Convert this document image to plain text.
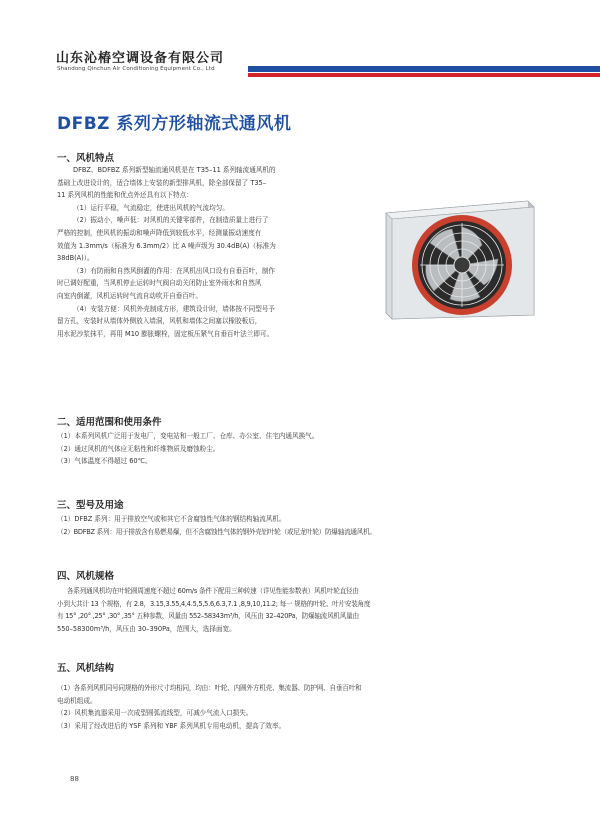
山东沁椿空调设备有限公司
Shandong Qinchun Air Conditioning Equipment Co., Ltd
DFBZ 系列方形轴流式通风机
一、风机特点

DFBZ、BDFBZ 系列新型轴流通风机是在 T35–11 系列轴流通风机的

基础上改进设计的，适合墙体上安装的新型排风机，除全部保留了 T35–

11 系列风机的性能和优点外还具有以下特点：

（1）运行平稳，气流稳定，使进出风机的气流均匀。

（2）振动小，噪声低：对风机的关键零部件，在制造质量上进行了

严格的控制，使风机的振动和噪声降低到较低水平，经测量振动速度有

效值为 1.3mm/s（标准为 6.3mm/2）比 A 噪声级为 30.4dB(A)（标准为

38dB(A)）。

（3）有防雨和自然风倒灌的作用：在风机出风口设有自垂百叶，制作

时已调好配重，当风机停止运转时气阀自动关闭防止室外雨水和自然风

向室内倒灌，风机运转时气流自动吹开自垂百叶。

（4）安装方便：风机外壳制成方形，建筑设计时，墙体按不同型号予

留方孔，安装时从墙体外侧放入墙洞，风机和墙体之间塞以橡胶板后，

用水泥沙浆抹平，再用 M10 膨胀螺栓，固定板压紧气自垂百叶法兰即可。

二、适用范围和使用条件

（1）本系列风机广泛用于发电厂，变电站和一般工厂、仓库、办公室、住宅内通风换气。

（2）通过风机的气体应无粘性和纤维物质及磨蚀粉尘。

（3）气体温度不得超过 60℃。

三、型号及用途

（1）DFBZ 系列：用于排放空气或和其它不含腐蚀性气体的钢结构轴流风机。

（2）BDFBZ 系列：用于排放含有易燃易爆，但不含腐蚀性气体的钢外壳铝叶轮（或尼龙叶轮）防爆轴流通风机。

四、风机规格

各系列通风机均在叶轮圆周速度不超过 60m/s 条件下配用三种转速（详见性能参数表）风机叶轮直径由

小到大共计 13 个规格，有 2.8，3.15,3.55,4,4.5,5,5.6,6.3,7.1 ,8,9,10,11.2; 每一 规格的叶轮、叶片安装角度

有 15° ,20° ,25° ,30° ,35° 五种参数，风量由 552–58343m³/h，风压由 32–420Pa，防爆轴流风机风量由

550–58300m³/h，风压由 30–390Pa，范围大，选择面宽。

五、风机结构

（1）各系列风机同号同规格的外形尺寸均相同，均由：叶轮、内圆外方机壳、集流器、防护网、自垂百叶和

电动机组成。

（2）风机集流器采用一次成型圆弧流线型，可减少气流入口损失。

（3）采用了经改进后的 YSF 系列和 YBF 系列风机专用电动机，提高了效率。

88
